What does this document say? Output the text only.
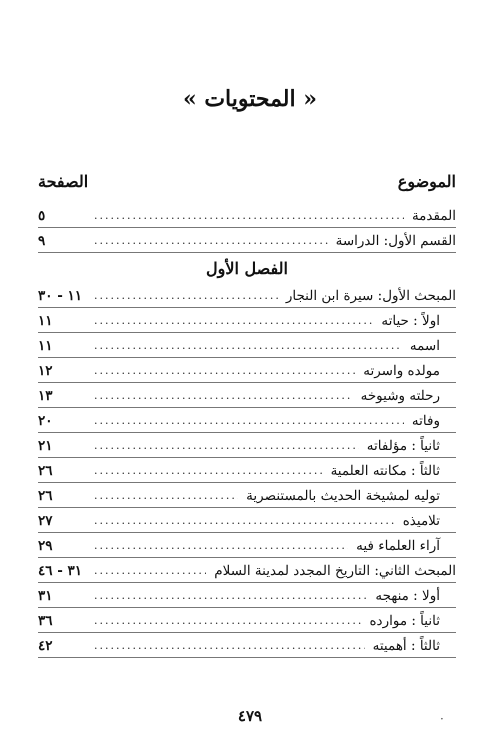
« المحتويات »
الموضوع
الصفحة
المقدمة
.....
٥
القسم الأول: الدراسة
.....
٩
الفصل الأول
المبحث الأول: سيرة ابن النجار
.....
١١ - ٣٠
اولاً : حياته
.....
١١
اسمه
.....
١١
مولده واسرته
.....
١٢
رحلته وشيوخه
.....
١٣
وفاته
.....
٢٠
ثانياً : مؤلفاته
.....
٢١
ثالثاً : مكانته العلمية
.....
٢٦
توليه لمشيخة الحديث بالمستنصرية
.....
٢٦
تلاميذه
.....
٢٧
آراء العلماء فيه
.....
٢٩
المبحث الثاني: التاريخ المجدد لمدينة السلام
.....
٣١ - ٤٦
أولا : منهجه
.....
٣١
ثانياً : موارده
.....
٣٦
ثالثاً : أهميته
.....
٤٢
٤٧٩	·
